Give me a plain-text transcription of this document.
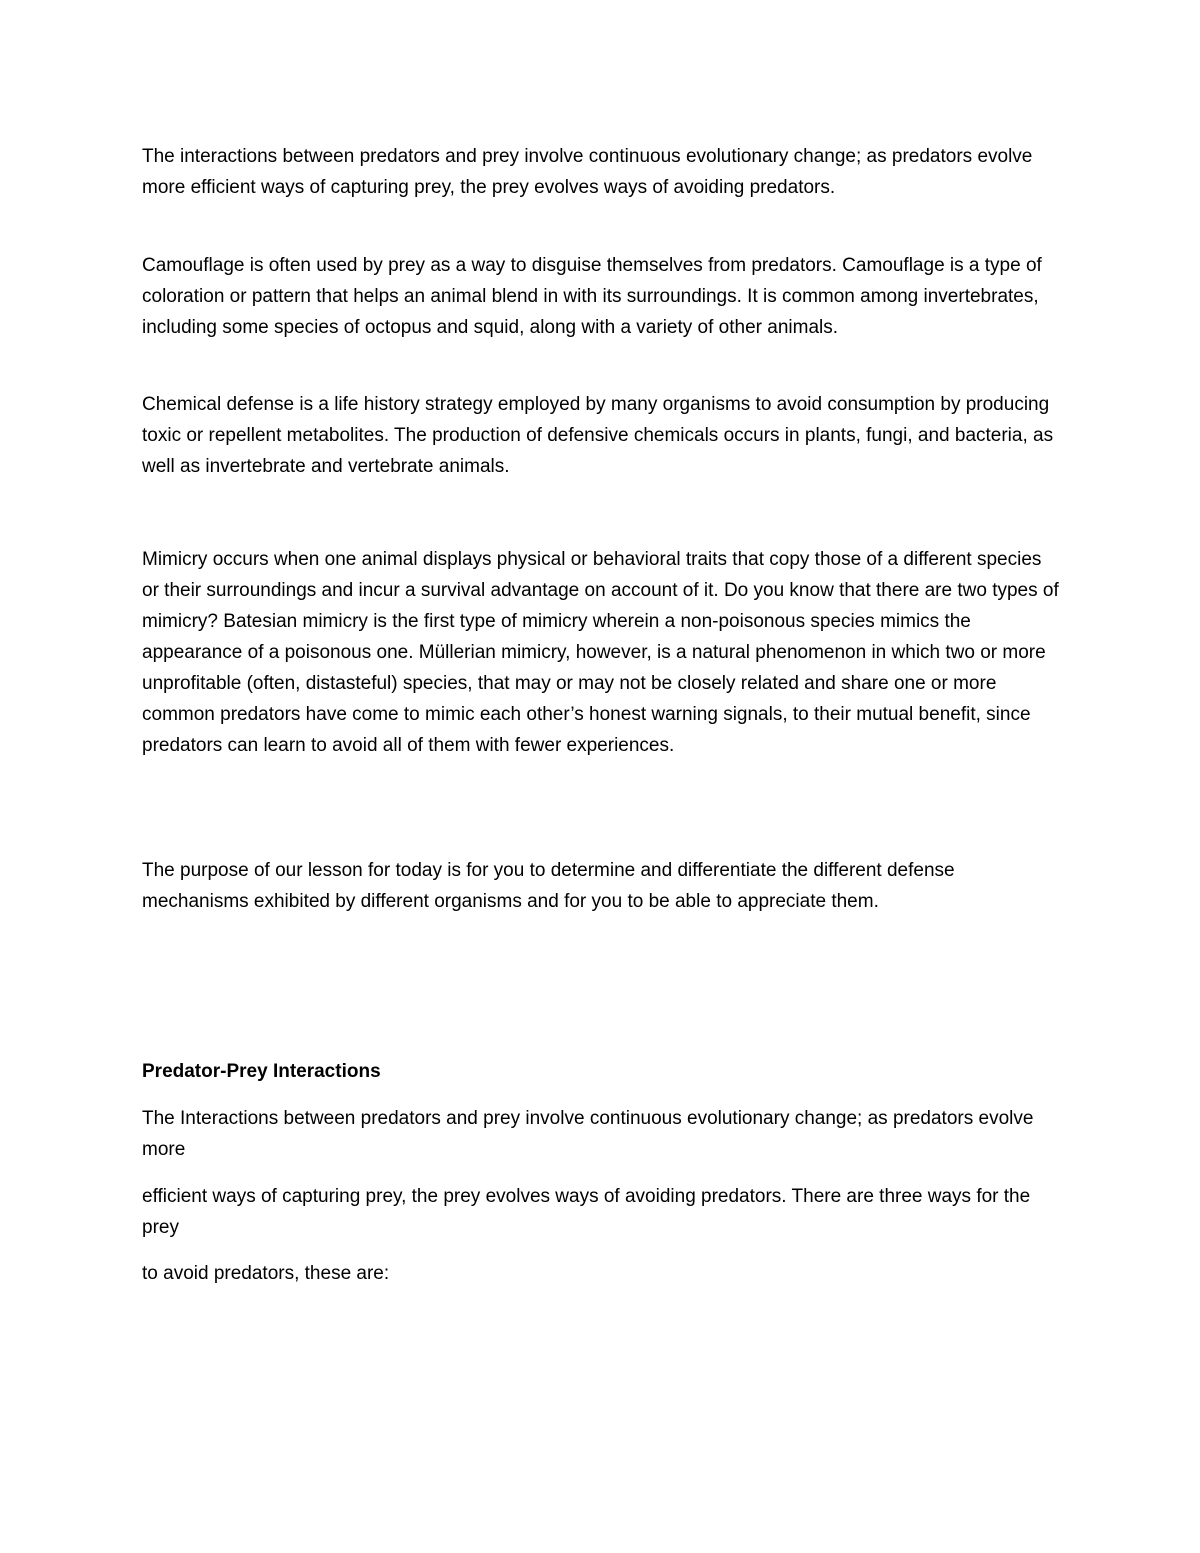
The interactions between predators and prey involve continuous evolutionary change; as predators evolve more efficient ways of capturing prey, the prey evolves ways of avoiding predators.

Camouflage is often used by prey as a way to disguise themselves from predators. Camouflage is a type of coloration or pattern that helps an animal blend in with its surroundings. It is common among invertebrates, including some species of octopus and squid, along with a variety of other animals.

Chemical defense is a life history strategy employed by many organisms to avoid consumption by producing toxic or repellent metabolites. The production of defensive chemicals occurs in plants, fungi, and bacteria, as well as invertebrate and vertebrate animals.

Mimicry occurs when one animal displays physical or behavioral traits that copy those of a different species or their surroundings and incur a survival advantage on account of it. Do you know that there are two types of mimicry? Batesian mimicry is the first type of mimicry wherein a non-poisonous species mimics the appearance of a poisonous one. Müllerian mimicry, however, is a natural phenomenon in which two or more unprofitable (often, distasteful) species, that may or may not be closely related and share one or more common predators have come to mimic each other’s honest warning signals, to their mutual benefit, since predators can learn to avoid all of them with fewer experiences.

The purpose of our lesson for today is for you to determine and differentiate the different defense mechanisms exhibited by different organisms and for you to be able to appreciate them.

Predator-Prey Interactions

The Interactions between predators and prey involve continuous evolutionary change; as predators evolve more

efficient ways of capturing prey, the prey evolves ways of avoiding predators. There are three ways for the prey

to avoid predators, these are:
